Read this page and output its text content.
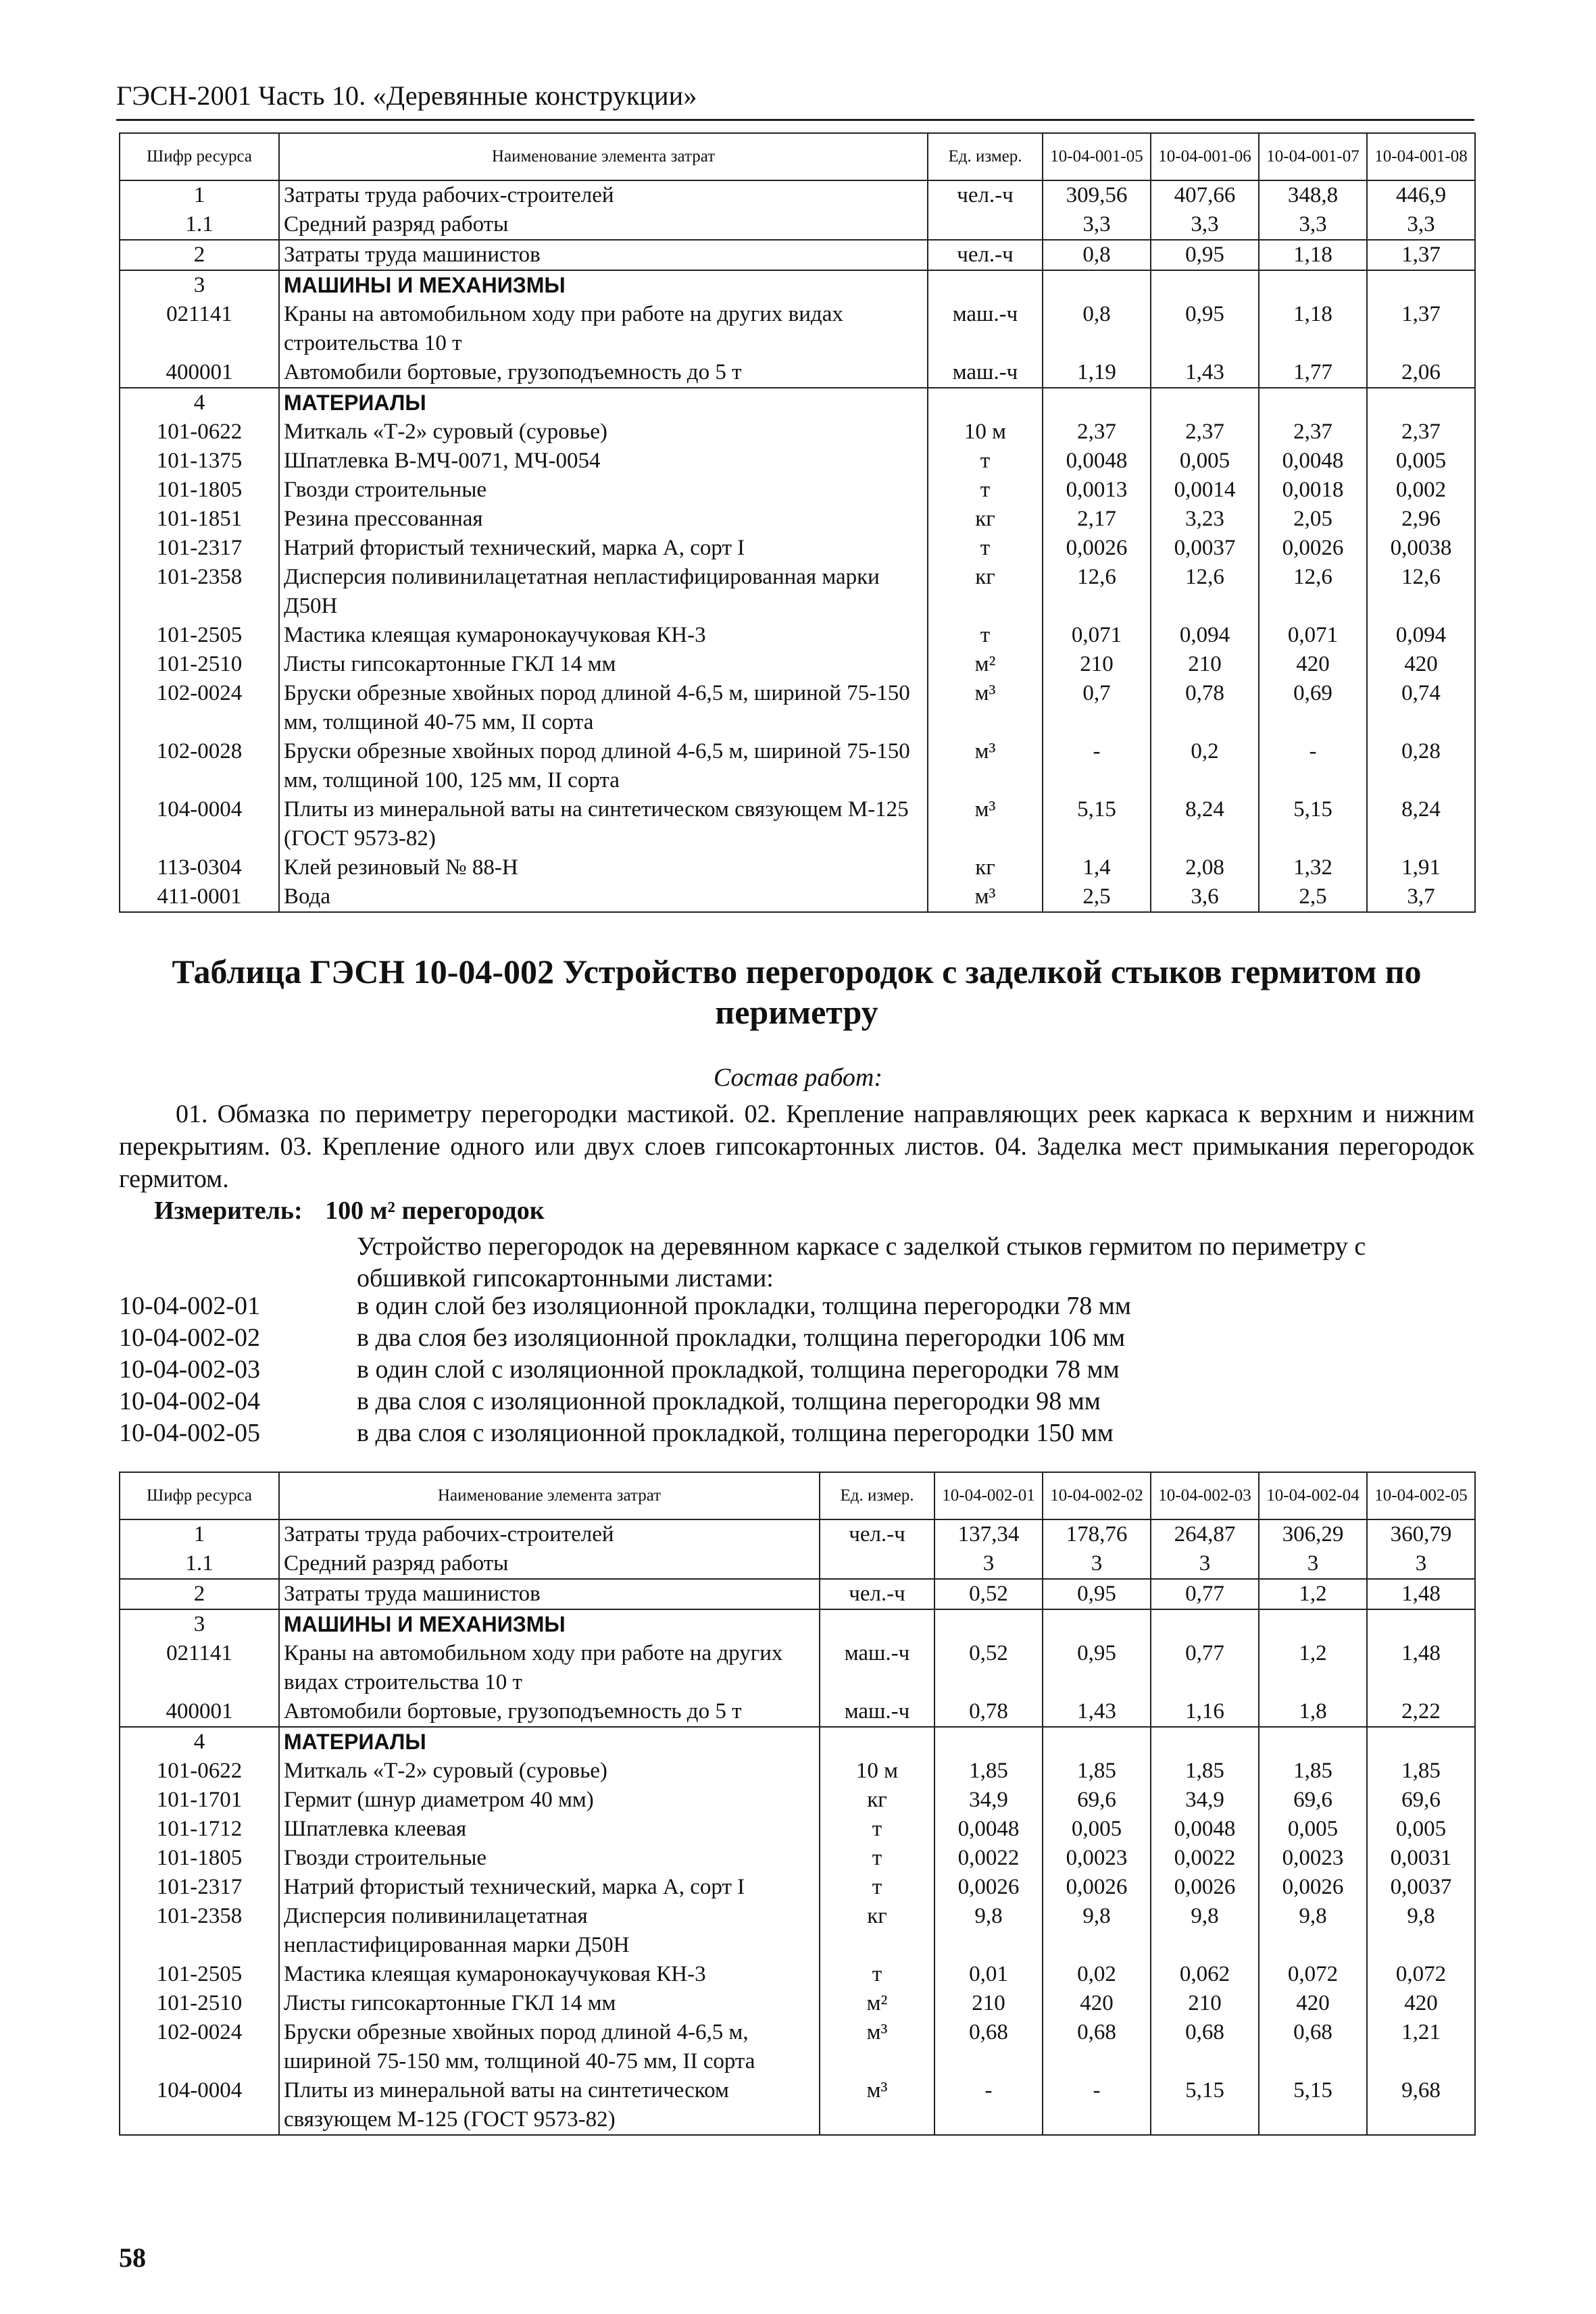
ГЭСН-2001 Часть 10. «Деревянные конструкции»
Шифр ресурса	Наименование элемента затрат	Ед. измер.	10-04-001-05	10-04-001-06	10-04-001-07	10-04-001-08
1	Затраты труда рабочих-строителей	чел.-ч	309,56	407,66	348,8	446,9
1.1	Средний разряд работы		3,3	3,3	3,3	3,3
2	Затраты труда машинистов	чел.-ч	0,8	0,95	1,18	1,37
3	МАШИНЫ И МЕХАНИЗМЫ					
021141	Краны на автомобильном ходу при работе на других видах строительства 10 т	маш.-ч	0,8	0,95	1,18	1,37
400001	Автомобили бортовые, грузоподъемность до 5 т	маш.-ч	1,19	1,43	1,77	2,06
4	МАТЕРИАЛЫ					
101-0622	Миткаль «Т-2» суровый (суровье)	10 м	2,37	2,37	2,37	2,37
101-1375	Шпатлевка В-МЧ-0071, МЧ-0054	т	0,0048	0,005	0,0048	0,005
101-1805	Гвозди строительные	т	0,0013	0,0014	0,0018	0,002
101-1851	Резина прессованная	кг	2,17	3,23	2,05	2,96
101-2317	Натрий фтористый технический, марка А, сорт I	т	0,0026	0,0037	0,0026	0,0038
101-2358	Дисперсия поливинилацетатная непластифицированная марки Д50Н	кг	12,6	12,6	12,6	12,6
101-2505	Мастика клеящая кумаронокаучуковая КН-3	т	0,071	0,094	0,071	0,094
101-2510	Листы гипсокартонные ГКЛ 14 мм	м²	210	210	420	420
102-0024	Бруски обрезные хвойных пород длиной 4-6,5 м, шириной 75-150 мм, толщиной 40-75 мм, II сорта	м³	0,7	0,78	0,69	0,74
102-0028	Бруски обрезные хвойных пород длиной 4-6,5 м, шириной 75-150 мм, толщиной 100, 125 мм, II сорта	м³	-	0,2	-	0,28
104-0004	Плиты из минеральной ваты на синтетическом связующем М-125 (ГОСТ 9573-82)	м³	5,15	8,24	5,15	8,24
113-0304	Клей резиновый № 88-Н	кг	1,4	2,08	1,32	1,91
411-0001	Вода	м³	2,5	3,6	2,5	3,7
Таблица ГЭСН 10-04-002 Устройство перегородок с заделкой стыков гермитом по периметру
Состав работ:
01. Обмазка по периметру перегородки мастикой. 02. Крепление направляющих реек каркаса к верхним и нижним перекрытиям. 03. Крепление одного или двух слоев гипсокартонных листов. 04. Заделка мест примыкания перегородок гермитом.
Измеритель: 100 м² перегородок
Устройство перегородок на деревянном каркасе с заделкой стыков гермитом по периметру с обшивкой гипсокартонными листами:
10-04-002-01	в один слой без изоляционной прокладки, толщина перегородки 78 мм
10-04-002-02	в два слоя без изоляционной прокладки, толщина перегородки 106 мм
10-04-002-03	в один слой с изоляционной прокладкой, толщина перегородки 78 мм
10-04-002-04	в два слоя с изоляционной прокладкой, толщина перегородки 98 мм
10-04-002-05	в два слоя с изоляционной прокладкой, толщина перегородки 150 мм
Шифр ресурса	Наименование элемента затрат	Ед. измер.	10-04-002-01	10-04-002-02	10-04-002-03	10-04-002-04	10-04-002-05
1	Затраты труда рабочих-строителей	чел.-ч	137,34	178,76	264,87	306,29	360,79
1.1	Средний разряд работы		3	3	3	3	3
2	Затраты труда машинистов	чел.-ч	0,52	0,95	0,77	1,2	1,48
3	МАШИНЫ И МЕХАНИЗМЫ						
021141	Краны на автомобильном ходу при работе на других видах строительства 10 т	маш.-ч	0,52	0,95	0,77	1,2	1,48
400001	Автомобили бортовые, грузоподъемность до 5 т	маш.-ч	0,78	1,43	1,16	1,8	2,22
4	МАТЕРИАЛЫ						
101-0622	Миткаль «Т-2» суровый (суровье)	10 м	1,85	1,85	1,85	1,85	1,85
101-1701	Гермит (шнур диаметром 40 мм)	кг	34,9	69,6	34,9	69,6	69,6
101-1712	Шпатлевка клеевая	т	0,0048	0,005	0,0048	0,005	0,005
101-1805	Гвозди строительные	т	0,0022	0,0023	0,0022	0,0023	0,0031
101-2317	Натрий фтористый технический, марка А, сорт I	т	0,0026	0,0026	0,0026	0,0026	0,0037
101-2358	Дисперсия поливинилацетатная непластифицированная марки Д50Н	кг	9,8	9,8	9,8	9,8	9,8
101-2505	Мастика клеящая кумаронокаучуковая КН-3	т	0,01	0,02	0,062	0,072	0,072
101-2510	Листы гипсокартонные ГКЛ 14 мм	м²	210	420	210	420	420
102-0024	Бруски обрезные хвойных пород длиной 4-6,5 м, шириной 75-150 мм, толщиной 40-75 мм, II сорта	м³	0,68	0,68	0,68	0,68	1,21
104-0004	Плиты из минеральной ваты на синтетическом связующем М-125 (ГОСТ 9573-82)	м³	-	-	5,15	5,15	9,68
58
